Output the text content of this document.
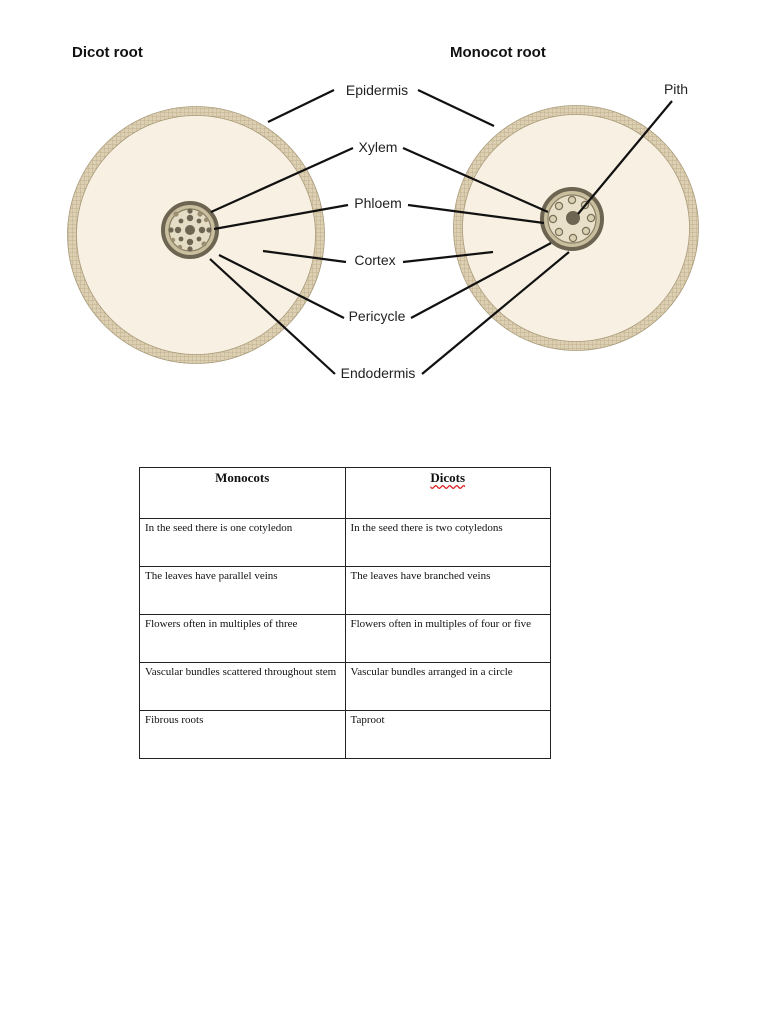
Dicot root	Monocot root
Epidermis
Xylem
Phloem
Cortex
Pericycle
Endodermis
Pith
Monocots	Dicots
In the seed there is one cotyledon	In the seed there is two cotyledons
The leaves have parallel veins	The leaves have branched veins
Flowers often in multiples of three	Flowers often in multiples of four or five
Vascular bundles scattered throughout stem	Vascular bundles arranged in a circle
Fibrous roots	Taproot
